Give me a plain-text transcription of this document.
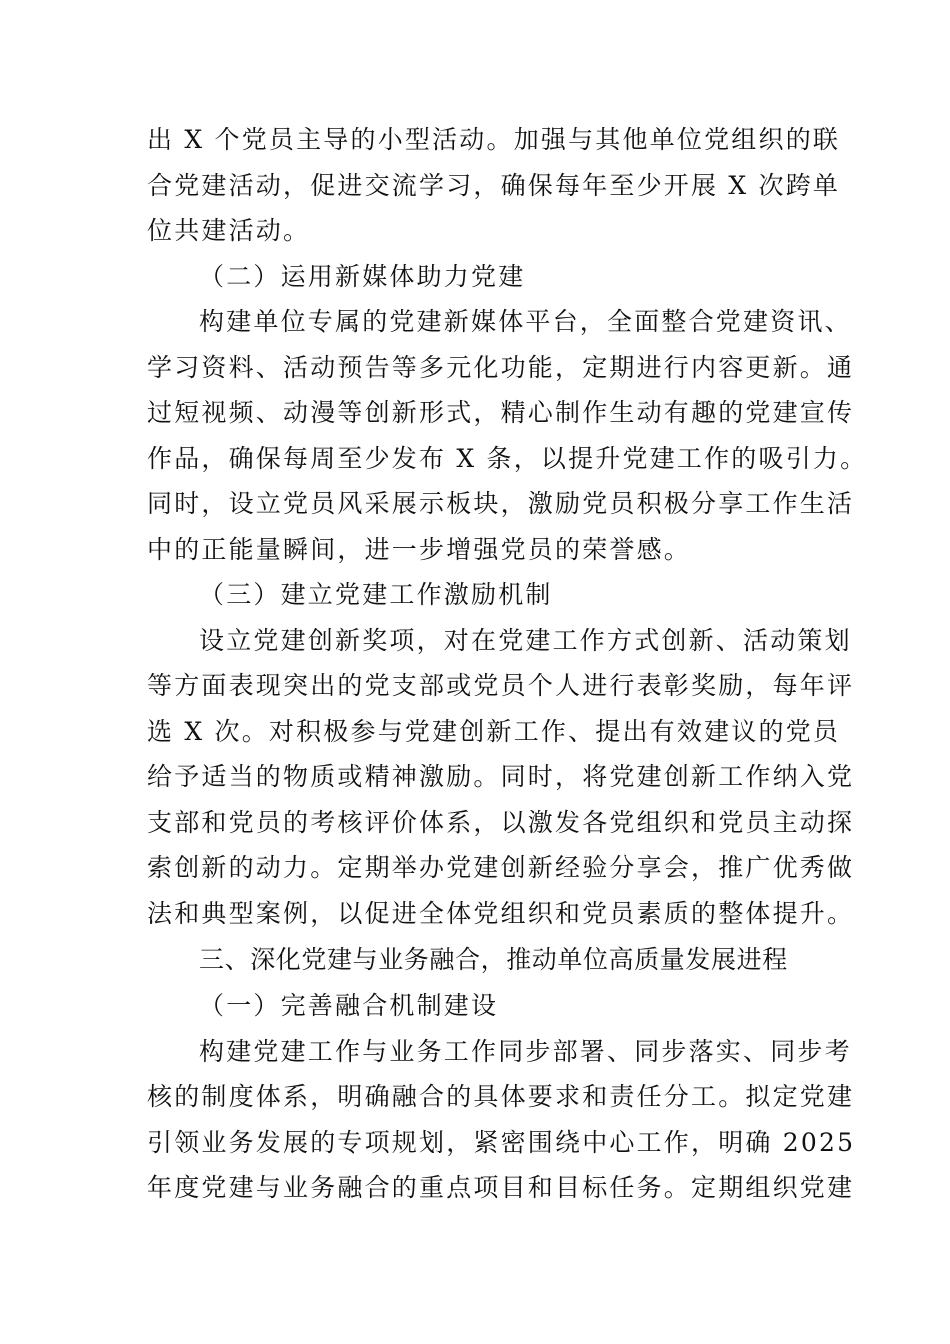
出 X 个党员主导的小型活动。加强与其他单位党组织的联
合党建活动，促进交流学习，确保每年至少开展 X 次跨单
位共建活动。
（二）运用新媒体助力党建
构建单位专属的党建新媒体平台，全面整合党建资讯、
学习资料、活动预告等多元化功能，定期进行内容更新。通
过短视频、动漫等创新形式，精心制作生动有趣的党建宣传
作品，确保每周至少发布 X 条，以提升党建工作的吸引力。
同时，设立党员风采展示板块，激励党员积极分享工作生活
中的正能量瞬间，进一步增强党员的荣誉感。
（三）建立党建工作激励机制
设立党建创新奖项，对在党建工作方式创新、活动策划
等方面表现突出的党支部或党员个人进行表彰奖励，每年评
选 X 次。对积极参与党建创新工作、提出有效建议的党员
给予适当的物质或精神激励。同时，将党建创新工作纳入党
支部和党员的考核评价体系，以激发各党组织和党员主动探
索创新的动力。定期举办党建创新经验分享会，推广优秀做
法和典型案例，以促进全体党组织和党员素质的整体提升。
三、深化党建与业务融合，推动单位高质量发展进程
（一）完善融合机制建设
构建党建工作与业务工作同步部署、同步落实、同步考
核的制度体系，明确融合的具体要求和责任分工。拟定党建
引领业务发展的专项规划，紧密围绕中心工作，明确 2025
年度党建与业务融合的重点项目和目标任务。定期组织党建
